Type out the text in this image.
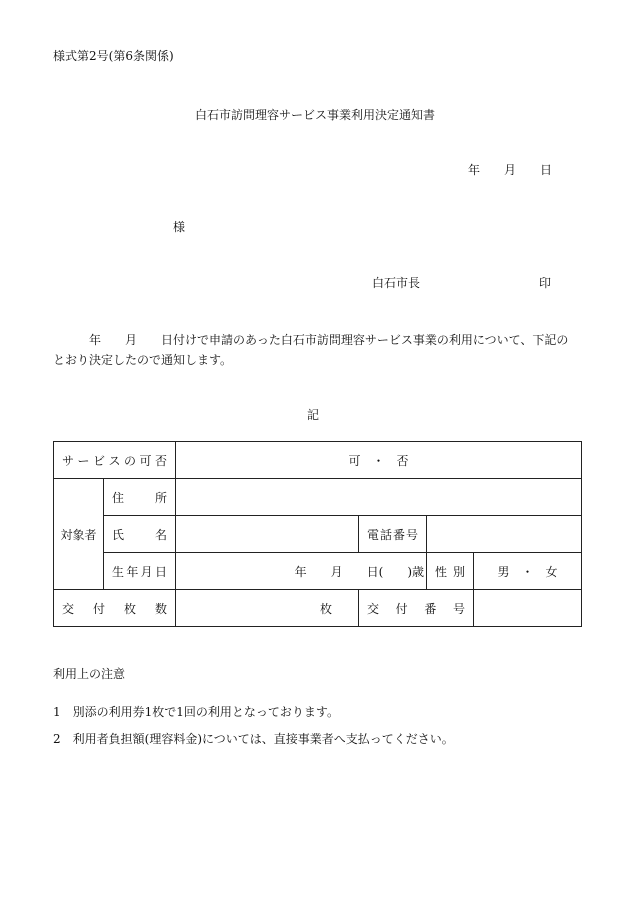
様式第2号(第6条関係)
白石市訪問理容サービス事業利用決定通知書
年 月 日
様
白石市長	印
年 月 日付けで申請のあった白石市訪問理容サービス事業の利用について、下記のとおり決定したので通知します。
記
サービスの可否		可　・　否			
対象者	住所				
	氏名		電話番号		
	生年月日	年 月 日(　　)歳		性別	男　・　女
交付枚数		枚	交付番号		
利用上の注意
1 別添の利用券1枚で1回の利用となっております。
2 利用者負担額(理容料金)については、直接事業者へ支払ってください。
